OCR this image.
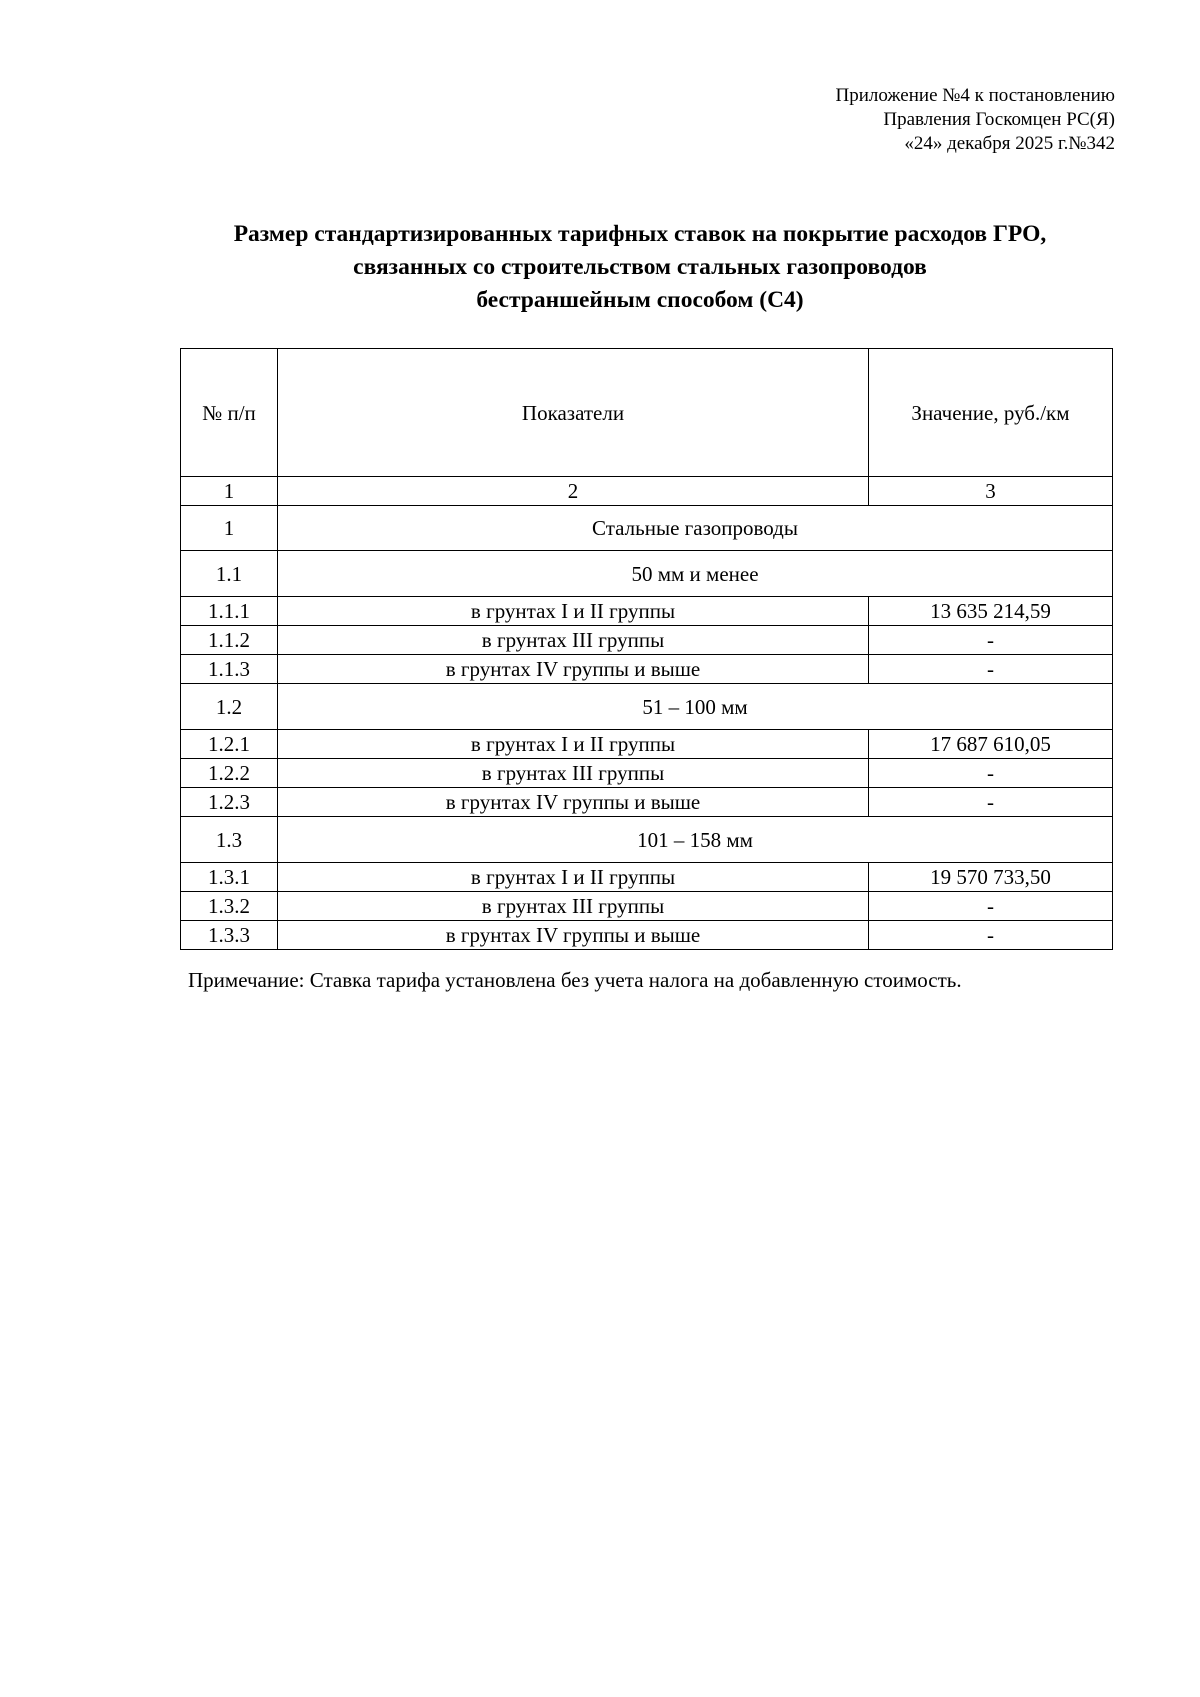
Приложение №4 к постановлению
Правления Госкомцен РС(Я)
«24» декабря 2025 г.№342
Размер стандартизированных тарифных ставок на покрытие расходов ГРО,
связанных со строительством стальных газопроводов
бестраншейным способом (С4)
№ п/п	Показатели	Значение, руб./км
1	2	3
1	Стальные газопроводы	
1.1	50 мм и менее	
1.1.1	в грунтах I и II группы	13 635 214,59
1.1.2	в грунтах III группы	-
1.1.3	в грунтах IV группы и выше	-
1.2	51 – 100 мм	
1.2.1	в грунтах I и II группы	17 687 610,05
1.2.2	в грунтах III группы	-
1.2.3	в грунтах IV группы и выше	-
1.3	101 – 158 мм	
1.3.1	в грунтах I и II группы	19 570 733,50
1.3.2	в грунтах III группы	-
1.3.3	в грунтах IV группы и выше	-
Примечание: Ставка тарифа установлена без учета налога на добавленную стоимость.
